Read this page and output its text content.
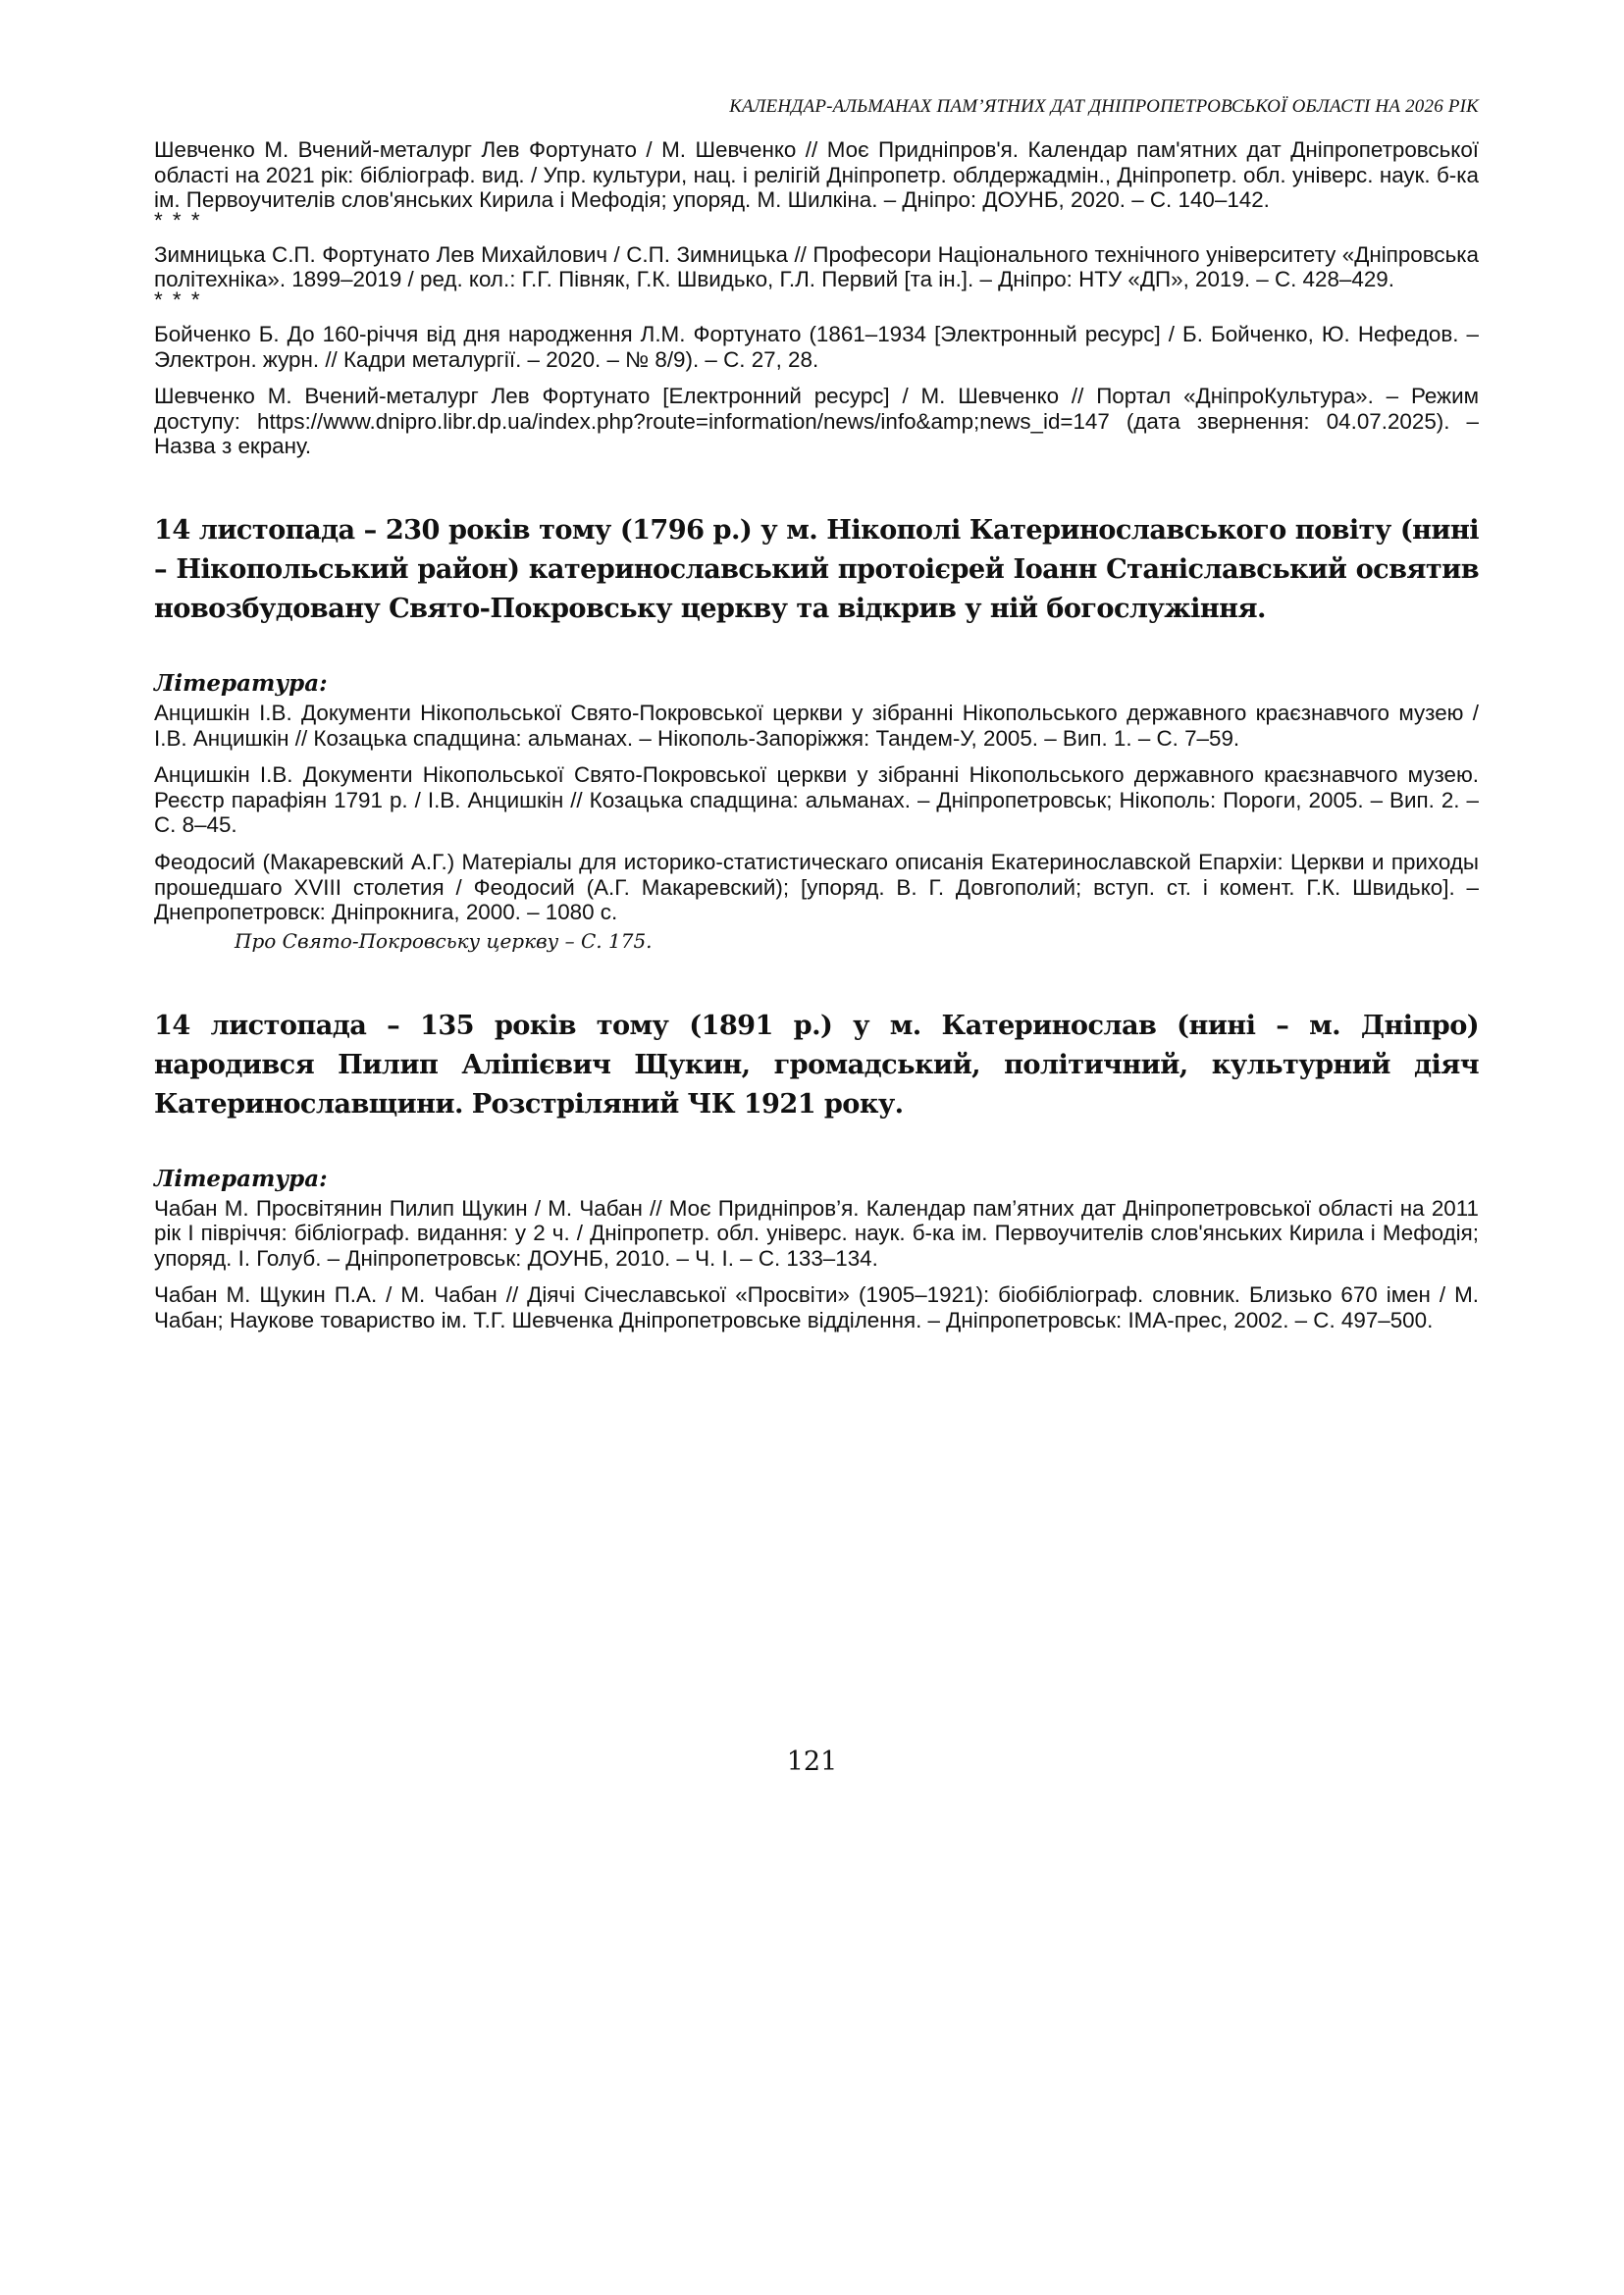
КАЛЕНДАР-АЛЬМАНАХ ПАМ’ЯТНИХ ДАТ ДНІПРОПЕТРОВСЬКОЇ ОБЛАСТІ НА 2026 РІК

Шевченко М. Вчений-металург Лев Фортунато / М. Шевченко // Моє Придніпров'я. Календар пам'ятних дат Дніпропетровської області на 2021 рік: бібліограф. вид. / Упр. культури, нац. і релігій Дніпропетр. облдержадмін., Дніпропетр. обл. універс. наук. б-ка ім. Первоучителів слов'янських Кирила і Мефодія; упоряд. М. Шилкіна. – Дніпро: ДОУНБ, 2020. – С. 140–142.

* * *

Зимницька С.П. Фортунато Лев Михайлович / С.П. Зимницька // Професори Національного технічного університету «Дніпровська політехніка». 1899–2019 / ред. кол.: Г.Г. Півняк, Г.К. Швидько, Г.Л. Первий [та ін.]. – Дніпро: НТУ «ДП», 2019. – С. 428–429.

* * *

Бойченко Б. До 160-річчя від дня народження Л.М. Фортунато (1861–1934 [Электронный ресурс] / Б. Бойченко, Ю. Нефедов. – Электрон. журн. // Кадри металургії. – 2020. – № 8/9). – С. 27, 28.

Шевченко М. Вчений-металург Лев Фортунато [Електронний ресурс] / М. Шевченко // Портал «ДніпроКультура». – Режим доступу: https://www.dnipro.libr.dp.ua/index.php?route=information/news/info&amp;news_id=147 (дата звернення: 04.07.2025). – Назва з екрану.

14 листопада – 230 років тому (1796 р.) у м. Нікополі Катеринославського повіту (нині – Нікопольський район) катеринославський протоієрей Іоанн Станіславський освятив новозбудовану Свято-Покровську церкву та відкрив у ній богослужіння.
Література:

Анцишкін І.В. Документи Нікопольської Свято-Покровської церкви у зібранні Нікопольського державного краєзнавчого музею / І.В. Анцишкін // Козацька спадщина: альманах. – Нікополь-Запоріжжя: Тандем-У, 2005. – Вип. 1. – С. 7–59.

Анцишкін І.В. Документи Нікопольської Свято-Покровської церкви у зібранні Нікопольського державного краєзнавчого музею. Реєстр парафіян 1791 р. / І.В. Анцишкін // Козацька спадщина: альманах. – Дніпропетровськ; Нікополь: Пороги, 2005. – Вип. 2. – С. 8–45.

Феодосий (Макаревский А.Г.) Матеріалы для историко-статистическаго описанія Екатеринославской Епархіи: Церкви и приходы прошедшаго XVIII столетия / Феодосий (А.Г. Макаревский); [упоряд. В. Г. Довгополий; вступ. ст. і комент. Г.К. Швидько]. – Днепропетровск: Дніпрокнига, 2000. – 1080 с.

Про Свято-Покровську церкву – С. 175.
14 листопада – 135 років тому (1891 р.) у м. Катеринослав (нині – м. Дніпро) народився Пилип Аліпієвич Щукин, громадський, політичний, культурний діяч Катеринославщини. Розстріляний ЧК 1921 року.
Література:

Чабан М. Просвітянин Пилип Щукин / М. Чабан // Моє Придніпров’я. Календар пам’ятних дат Дніпропетровської області на 2011 рік І півріччя: бібліограф. видання: у 2 ч. / Дніпропетр. обл. універс. наук. б-ка ім. Первоучителів слов'янських Кирила і Мефодія; упоряд. І. Голуб. – Дніпропетровськ: ДОУНБ, 2010. – Ч. І. – С. 133–134.

Чабан М. Щукин П.А. / М. Чабан // Діячі Січеславської «Просвіти» (1905–1921): біобібліограф. словник. Близько 670 імен / М. Чабан; Наукове товариство ім. Т.Г. Шевченка Дніпропетровське відділення. – Дніпропетровськ: ІМА-прес, 2002. – С. 497–500.

121
